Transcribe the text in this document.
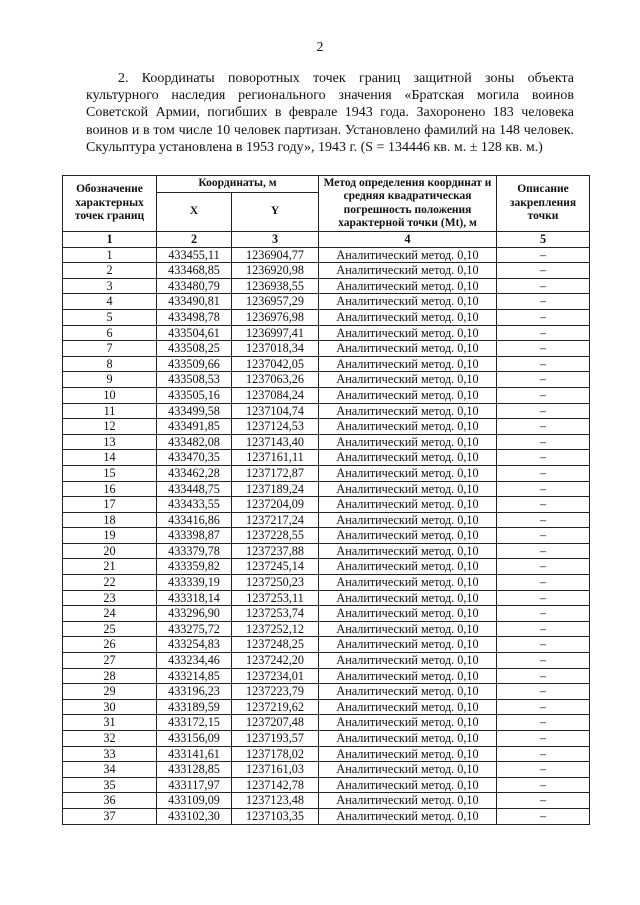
2

2. Координаты поворотных точек границ защитной зоны объекта культурного наследия регионального значения «Братская могила воинов Советской Армии, погибших в феврале 1943 года. Захоронено 183 человека воинов и в том числе 10 человек партизан. Установлено фамилий на 148 человек. Скульптура установлена в 1953 году», 1943 г. (S = 134446 кв. м. ± 128 кв. м.)

Обозначение характерных точек границ	Координаты, м		Метод определения координат и средняя квадратическая погрешность положения характерной точки (Mt), м	Описание закрепления точки
	X	Y		
1	2	3	4	5
1	433455,11	1236904,77	Аналитический метод. 0,10	–
2	433468,85	1236920,98	Аналитический метод. 0,10	–
3	433480,79	1236938,55	Аналитический метод. 0,10	–
4	433490,81	1236957,29	Аналитический метод. 0,10	–
5	433498,78	1236976,98	Аналитический метод. 0,10	–
6	433504,61	1236997,41	Аналитический метод. 0,10	–
7	433508,25	1237018,34	Аналитический метод. 0,10	–
8	433509,66	1237042,05	Аналитический метод. 0,10	–
9	433508,53	1237063,26	Аналитический метод. 0,10	–
10	433505,16	1237084,24	Аналитический метод. 0,10	–
11	433499,58	1237104,74	Аналитический метод. 0,10	–
12	433491,85	1237124,53	Аналитический метод. 0,10	–
13	433482,08	1237143,40	Аналитический метод. 0,10	–
14	433470,35	1237161,11	Аналитический метод. 0,10	–
15	433462,28	1237172,87	Аналитический метод. 0,10	–
16	433448,75	1237189,24	Аналитический метод. 0,10	–
17	433433,55	1237204,09	Аналитический метод. 0,10	–
18	433416,86	1237217,24	Аналитический метод. 0,10	–
19	433398,87	1237228,55	Аналитический метод. 0,10	–
20	433379,78	1237237,88	Аналитический метод. 0,10	–
21	433359,82	1237245,14	Аналитический метод. 0,10	–
22	433339,19	1237250,23	Аналитический метод. 0,10	–
23	433318,14	1237253,11	Аналитический метод. 0,10	–
24	433296,90	1237253,74	Аналитический метод. 0,10	–
25	433275,72	1237252,12	Аналитический метод. 0,10	–
26	433254,83	1237248,25	Аналитический метод. 0,10	–
27	433234,46	1237242,20	Аналитический метод. 0,10	–
28	433214,85	1237234,01	Аналитический метод. 0,10	–
29	433196,23	1237223,79	Аналитический метод. 0,10	–
30	433189,59	1237219,62	Аналитический метод. 0,10	–
31	433172,15	1237207,48	Аналитический метод. 0,10	–
32	433156,09	1237193,57	Аналитический метод. 0,10	–
33	433141,61	1237178,02	Аналитический метод. 0,10	–
34	433128,85	1237161,03	Аналитический метод. 0,10	–
35	433117,97	1237142,78	Аналитический метод. 0,10	–
36	433109,09	1237123,48	Аналитический метод. 0,10	–
37	433102,30	1237103,35	Аналитический метод. 0,10	–
